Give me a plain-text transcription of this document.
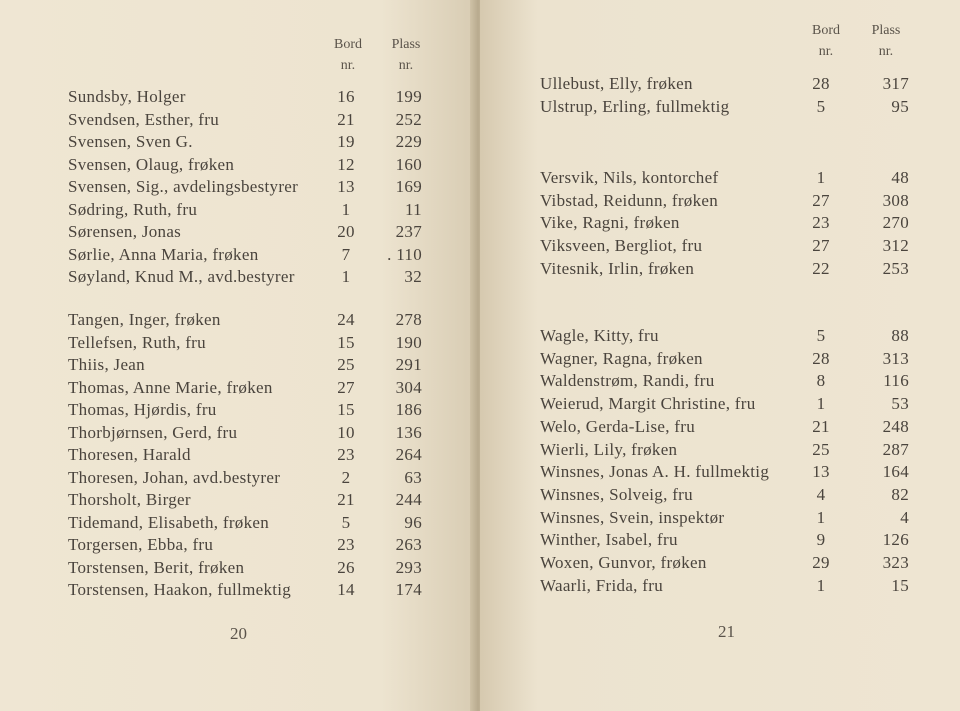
Bord
nr.
Plass
nr.
Sundsby, Holger	16	199
Svendsen, Esther, fru	21	252
Svensen, Sven G.	19	229
Svensen, Olaug, frøken	12	160
Svensen, Sig., avdelingsbestyrer	13	169
Sødring, Ruth, fru	1	11
Sørensen, Jonas	20	237
Sørlie, Anna Maria, frøken	7	. 110
Søyland, Knud M., avd.bestyrer	1	32
Tangen, Inger, frøken	24	278
Tellefsen, Ruth, fru	15	190
Thiis, Jean	25	291
Thomas, Anne Marie, frøken	27	304
Thomas, Hjørdis, fru	15	186
Thorbjørnsen, Gerd, fru	10	136
Thoresen, Harald	23	264
Thoresen, Johan, avd.bestyrer	2	63
Thorsholt, Birger	21	244
Tidemand, Elisabeth, frøken	5	96
Torgersen, Ebba, fru	23	263
Torstensen, Berit, frøken	26	293
Torstensen, Haakon, fullmektig	14	174
20
Bord
nr.
Plass
nr.
Ullebust, Elly, frøken	28	317
Ulstrup, Erling, fullmektig	5	95
Versvik, Nils, kontorchef	1	48
Vibstad, Reidunn, frøken	27	308
Vike, Ragni, frøken	23	270
Viksveen, Bergliot, fru	27	312
Vitesnik, Irlin, frøken	22	253
Wagle, Kitty, fru	5	88
Wagner, Ragna, frøken	28	313
Waldenstrøm, Randi, fru	8	116
Weierud, Margit Christine, fru	1	53
Welo, Gerda-Lise, fru	21	248
Wierli, Lily, frøken	25	287
Winsnes, Jonas A. H. fullmektig	13	164
Winsnes, Solveig, fru	4	82
Winsnes, Svein, inspektør	1	4
Winther, Isabel, fru	9	126
Woxen, Gunvor, frøken	29	323
Waarli, Frida, fru	1	15
21
